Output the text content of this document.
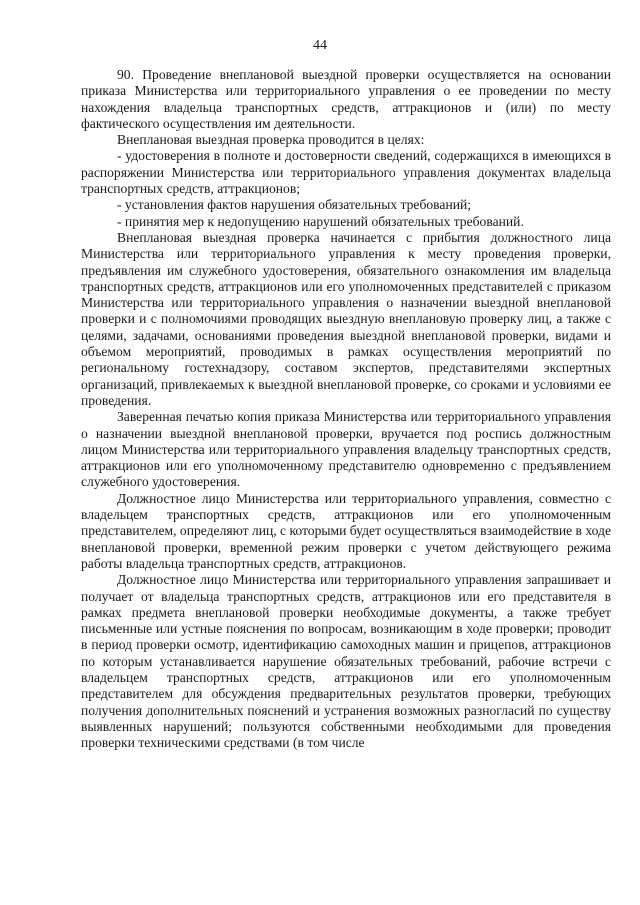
44

90. Проведение внеплановой выездной проверки осуществляется на основании приказа Министерства или территориального управления о ее проведении по месту нахождения владельца транспортных средств, аттракционов и (или) по месту фактического осуществления им деятельности.

Внеплановая выездная проверка проводится в целях:

- удостоверения в полноте и достоверности сведений, содержащихся в имеющихся в распоряжении Министерства или территориального управления документах владельца транспортных средств, аттракционов;

- установления фактов нарушения обязательных требований;

- принятия мер к недопущению нарушений обязательных требований.

Внеплановая выездная проверка начинается с прибытия должностного лица Министерства или территориального управления к месту проведения проверки, предъявления им служебного удостоверения, обязательного ознакомления им владельца транспортных средств, аттракционов или его уполномоченных представителей с приказом Министерства или территориального управления о назначении выездной внеплановой проверки и с полномочиями проводящих выездную внеплановую проверку лиц, а также с целями, задачами, основаниями проведения выездной внеплановой проверки, видами и объемом мероприятий, проводимых в рамках осуществления мероприятий по региональному гостехнадзору, составом экспертов, представителями экспертных организаций, привлекаемых к выездной внеплановой проверке, со сроками и условиями ее проведения.

Заверенная печатью копия приказа Министерства или территориального управления о назначении выездной внеплановой проверки, вручается под роспись должностным лицом Министерства или территориального управления владельцу транспортных средств, аттракционов или его уполномоченному представителю одновременно с предъявлением служебного удостоверения.

Должностное лицо Министерства или территориального управления, совместно с владельцем транспортных средств, аттракционов или его уполномоченным представителем, определяют лиц, с которыми будет осуществляться взаимодействие в ходе внеплановой проверки, временной режим проверки с учетом действующего режима работы владельца транспортных средств, аттракционов.

Должностное лицо Министерства или территориального управления запрашивает и получает от владельца транспортных средств, аттракционов или его представителя в рамках предмета внеплановой проверки необходимые документы, а также требует письменные или устные пояснения по вопросам, возникающим в ходе проверки; проводит в период проверки осмотр, идентификацию самоходных машин и прицепов, аттракционов по которым устанавливается нарушение обязательных требований, рабочие встречи с владельцем транспортных средств, аттракционов или его уполномоченным представителем для обсуждения предварительных результатов проверки, требующих получения дополнительных пояснений и устранения возможных разногласий по существу выявленных нарушений; пользуются собственными необходимыми для проведения проверки техническими средствами (в том числе
